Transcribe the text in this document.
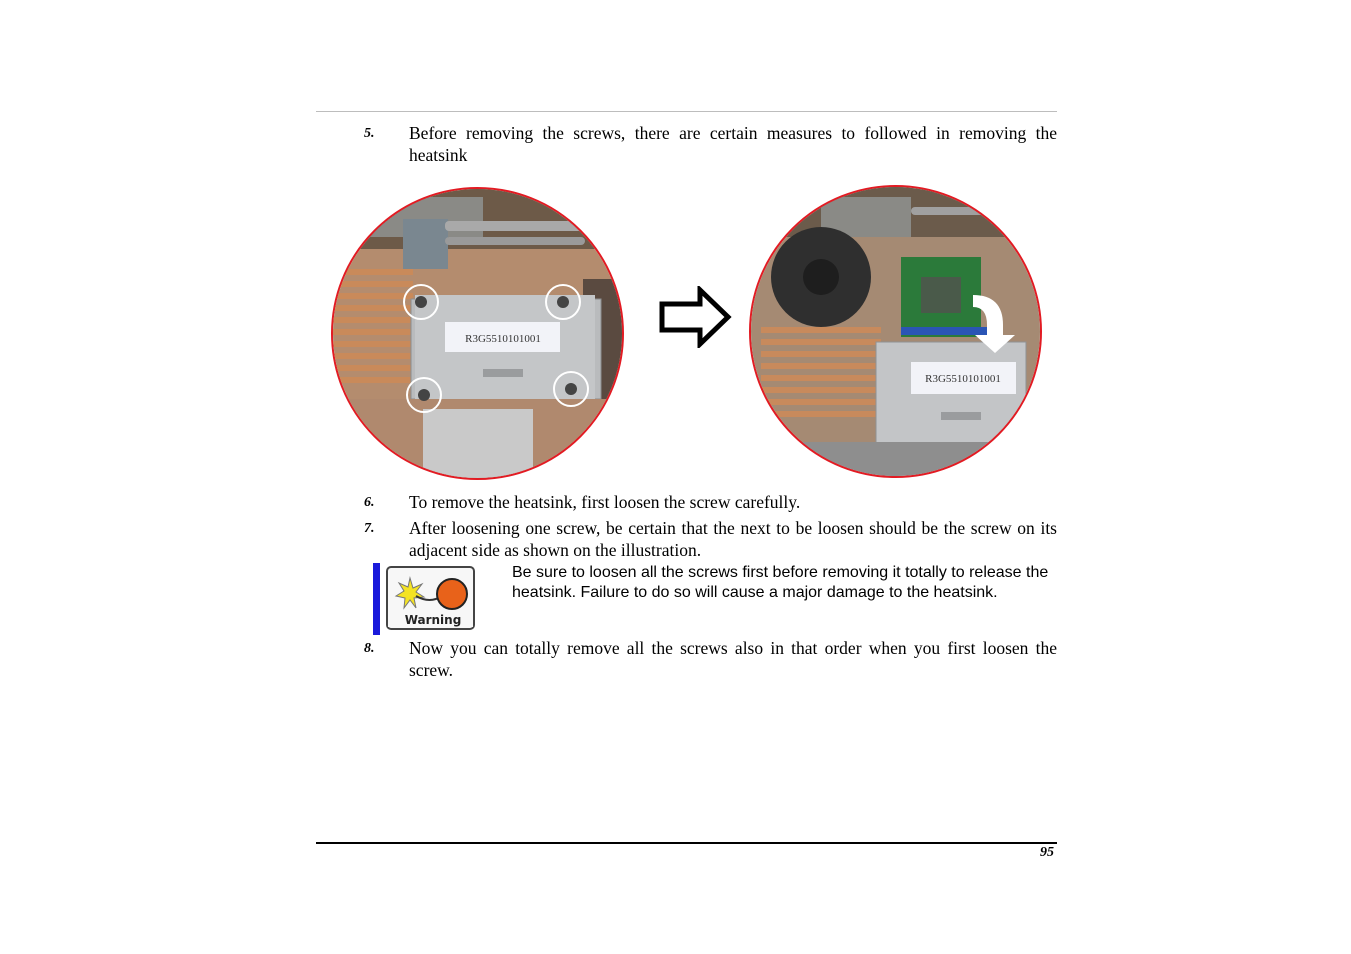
5. Before removing the screws, there are certain measures to followed in removing the heatsink
R3G5510101001
R3G5510101001
6. To remove the heatsink, first loosen the screw carefully.
7. After loosening one screw, be certain that the next to be loosen should be the screw on its adjacent side as shown on the illustration.
Warning
Be sure to loosen all the screws first before removing it totally to release the heatsink. Failure to do so will cause a major damage to the heatsink.
8. Now you can totally remove all the screws also in that order when you first loosen the screw.
95
